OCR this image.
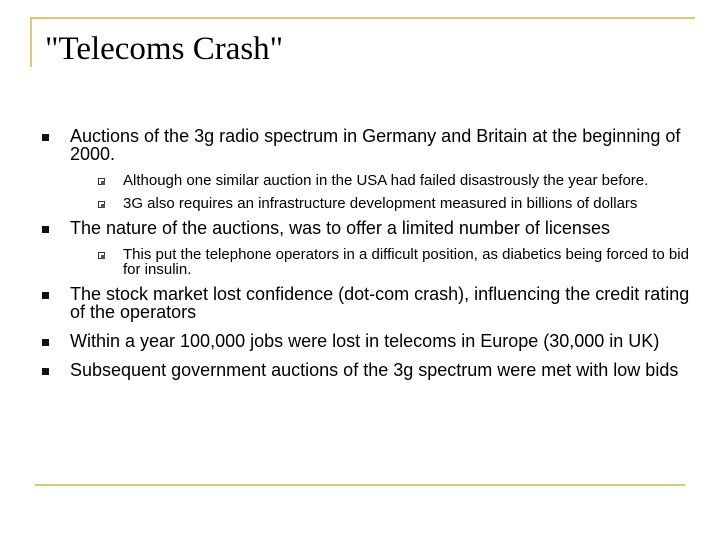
"Telecoms Crash"
Auctions of the 3g radio spectrum in Germany and Britain at the beginning of 2000.
Although one similar auction in the USA had failed disastrously the year before.
3G also requires an infrastructure development measured in billions of dollars
The nature of the auctions, was to offer a limited number of licenses
This put the telephone operators in a difficult position, as diabetics being forced to bid for insulin.
The stock market lost confidence (dot-com crash), influencing the credit rating of the operators
Within a year 100,000 jobs were lost in telecoms in Europe (30,000 in UK)
Subsequent government auctions of the 3g spectrum were met with low bids
